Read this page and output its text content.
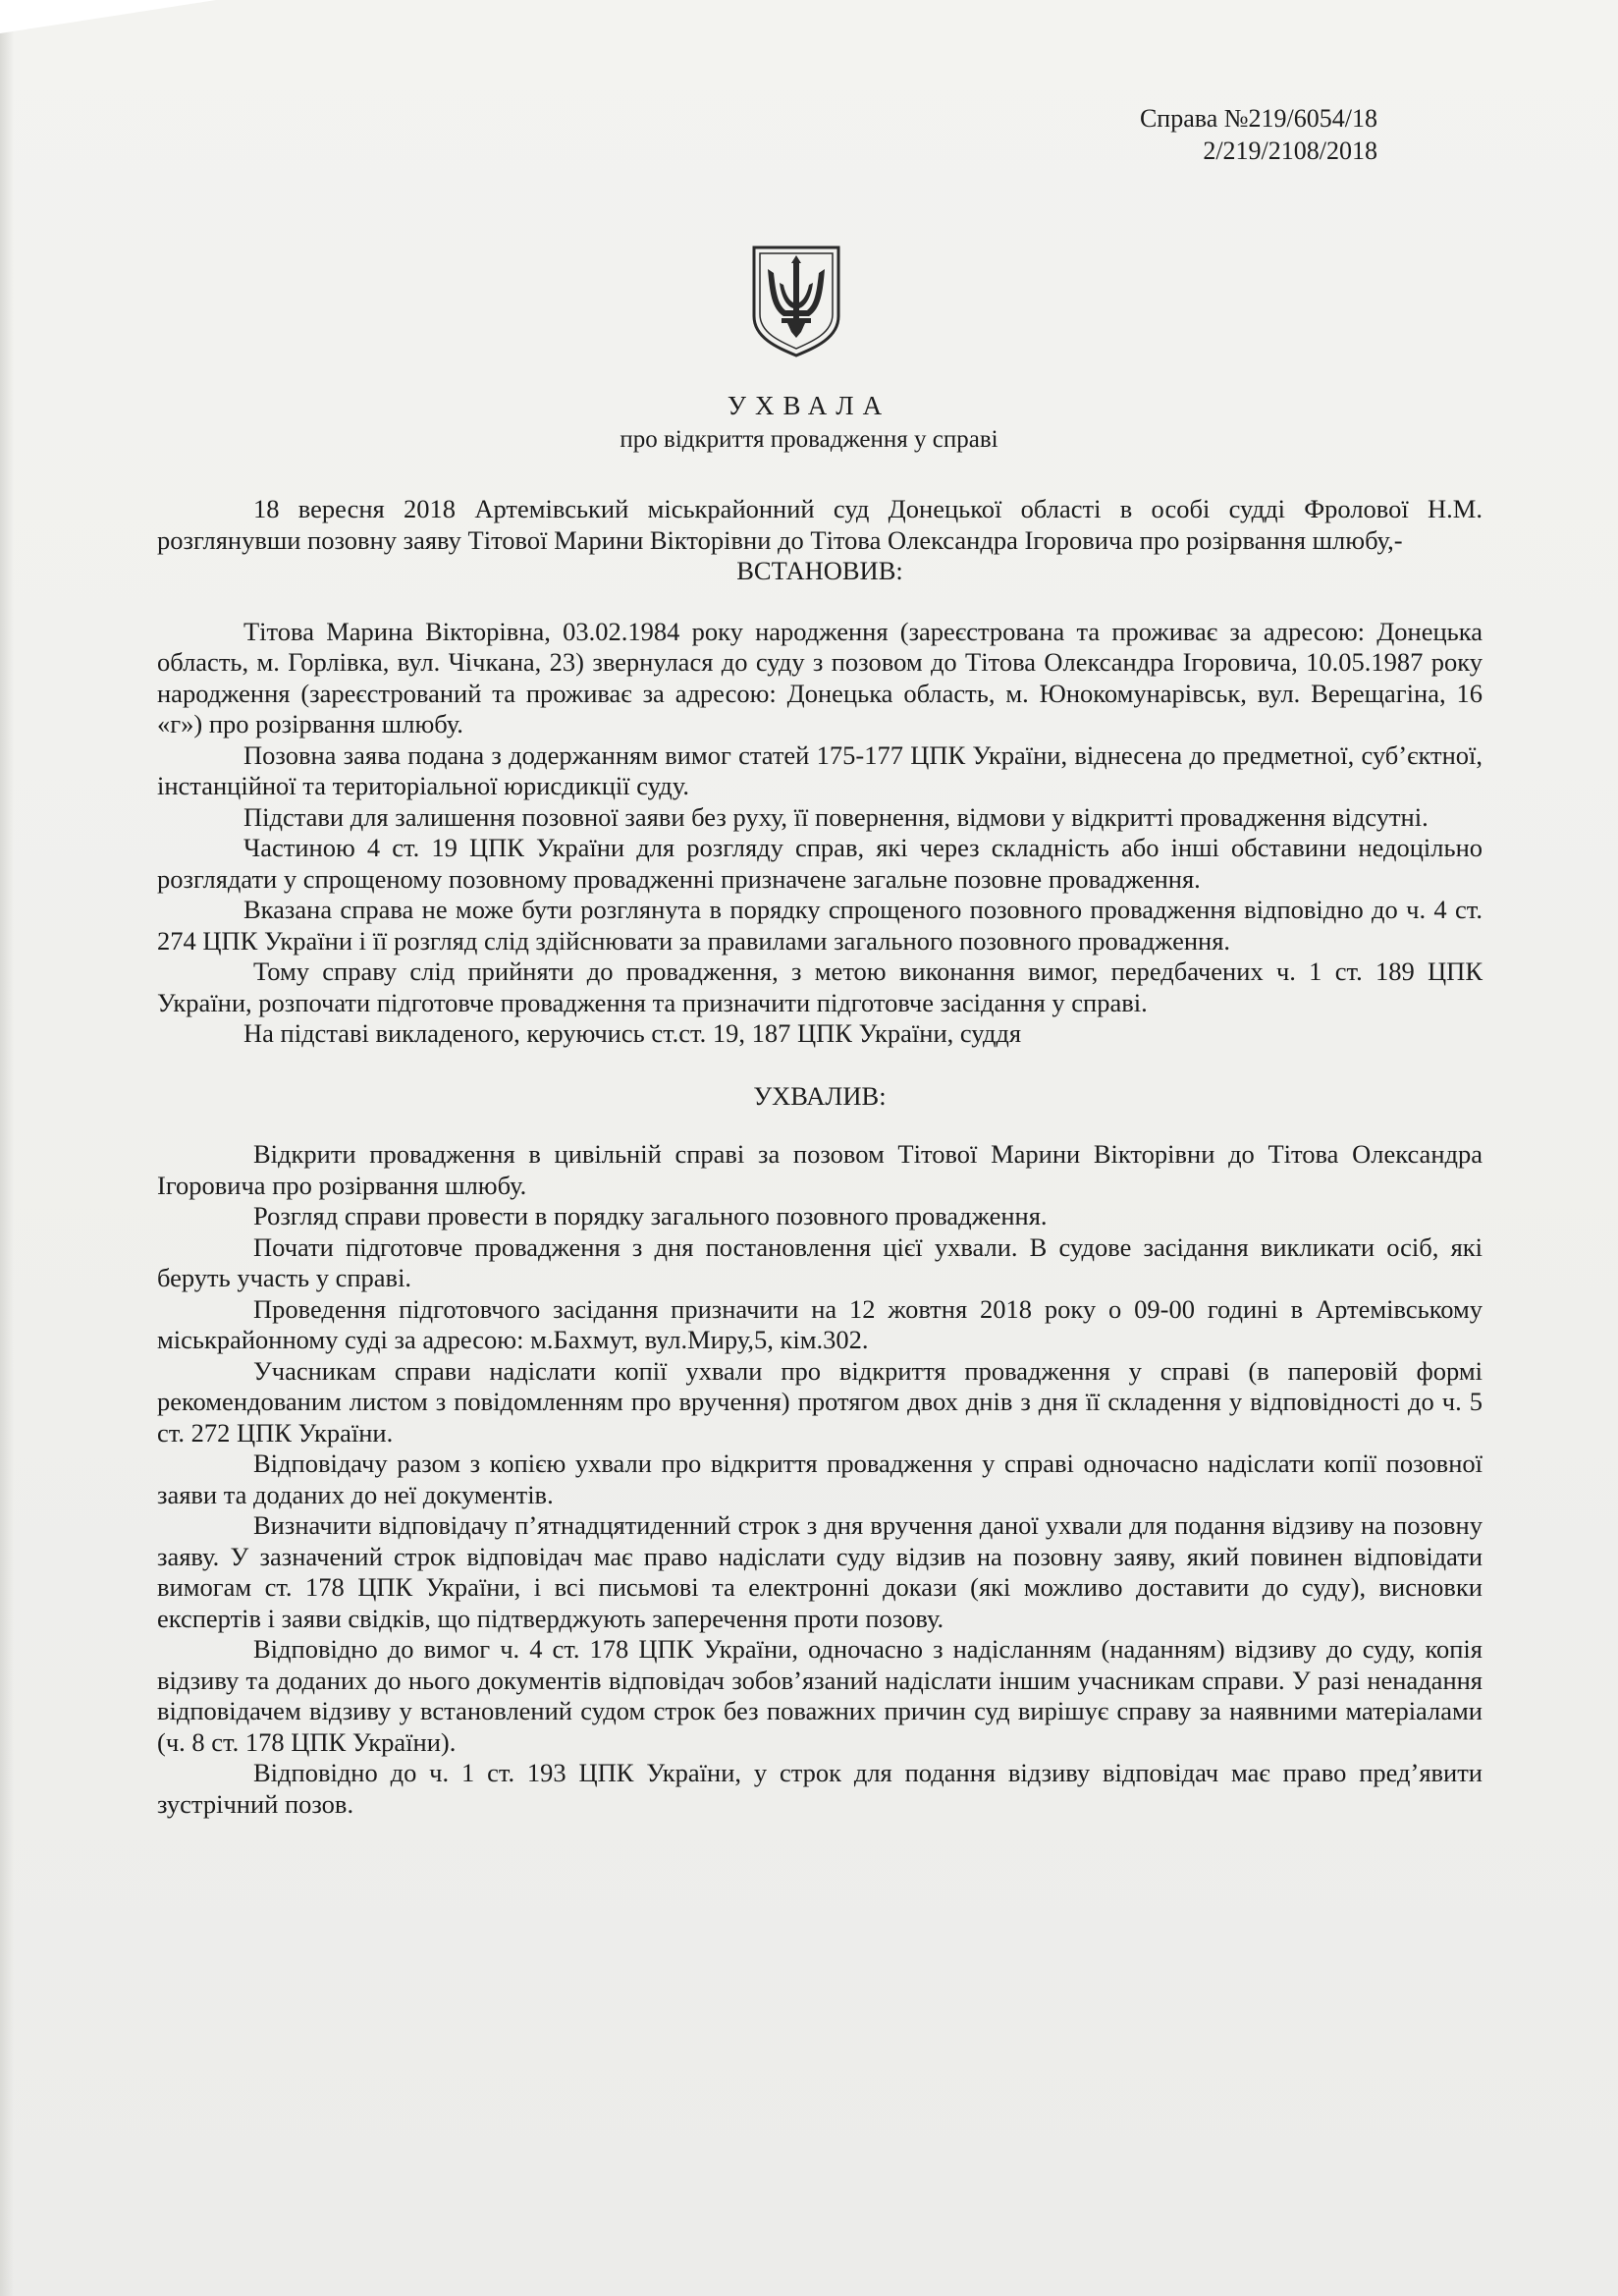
Справа №219/6054/18
2/219/2108/2018
УХВАЛА
про відкриття провадження у справі

18 вересня 2018 Артемівський міськрайонний суд Донецької області в особі судді Фролової Н.М. розглянувши позовну заяву Тітової Марини Вікторівни до Тітова Олександра Ігоровича про розірвання шлюбу,-

ВСТАНОВИВ:

Тітова Марина Вікторівна, 03.02.1984 року народження (зареєстрована та проживає за адресою: Донецька область, м. Горлівка, вул. Чічкана, 23) звернулася до суду з позовом до Тітова Олександра Ігоровича, 10.05.1987 року народження (зареєстрований та проживає за адресою: Донецька область, м. Юнокомунарівськ, вул. Верещагіна, 16 «г») про розірвання шлюбу.

Позовна заява подана з додержанням вимог статей 175-177 ЦПК України, віднесена до предметної, суб’єктної, інстанційної та територіальної юрисдикції суду.

Підстави для залишення позовної заяви без руху, її повернення, відмови у відкритті провадження відсутні.

Частиною 4 ст. 19 ЦПК України для розгляду справ, які через складність або інші обставини недоцільно розглядати у спрощеному позовному провадженні призначене загальне позовне провадження.

Вказана справа не може бути розглянута в порядку спрощеного позовного провадження відповідно до ч. 4 ст. 274 ЦПК України і її розгляд слід здійснювати за правилами загального позовного провадження.

Тому справу слід прийняти до провадження, з метою виконання вимог, передбачених ч. 1 ст. 189 ЦПК України, розпочати підготовче провадження та призначити підготовче засідання у справі.

На підставі викладеного, керуючись ст.ст. 19, 187 ЦПК України, суддя

УХВАЛИВ:

Відкрити провадження в цивільній справі за позовом Тітової Марини Вікторівни до Тітова Олександра Ігоровича про розірвання шлюбу.

Розгляд справи провести в порядку загального позовного провадження.

Почати підготовче провадження з дня постановлення цієї ухвали. В судове засідання викликати осіб, які беруть участь у справі.

Проведення підготовчого засідання призначити на 12 жовтня 2018 року о 09-00 годині в Артемівському міськрайонному суді за адресою: м.Бахмут, вул.Миру,5, кім.302.

Учасникам справи надіслати копії ухвали про відкриття провадження у справі (в паперовій формі рекомендованим листом з повідомленням про вручення) протягом двох днів з дня її складення у відповідності до ч. 5 ст. 272 ЦПК України.

Відповідачу разом з копією ухвали про відкриття провадження у справі одночасно надіслати копії позовної заяви та доданих до неї документів.

Визначити відповідачу п’ятнадцятиденний строк з дня вручення даної ухвали для подання відзиву на позовну заяву. У зазначений строк відповідач має право надіслати суду відзив на позовну заяву, який повинен відповідати вимогам ст. 178 ЦПК України, і всі письмові та електронні докази (які можливо доставити до суду), висновки експертів і заяви свідків, що підтверджують заперечення проти позову.

Відповідно до вимог ч. 4 ст. 178 ЦПК України, одночасно з надісланням (наданням) відзиву до суду, копія відзиву та доданих до нього документів відповідач зобов’язаний надіслати іншим учасникам справи. У разі ненадання відповідачем відзиву у встановлений судом строк без поважних причин суд вирішує справу за наявними матеріалами (ч. 8 ст. 178 ЦПК України).

Відповідно до ч. 1 ст. 193 ЦПК України, у строк для подання відзиву відповідач має право пред’явити зустрічний позов.
